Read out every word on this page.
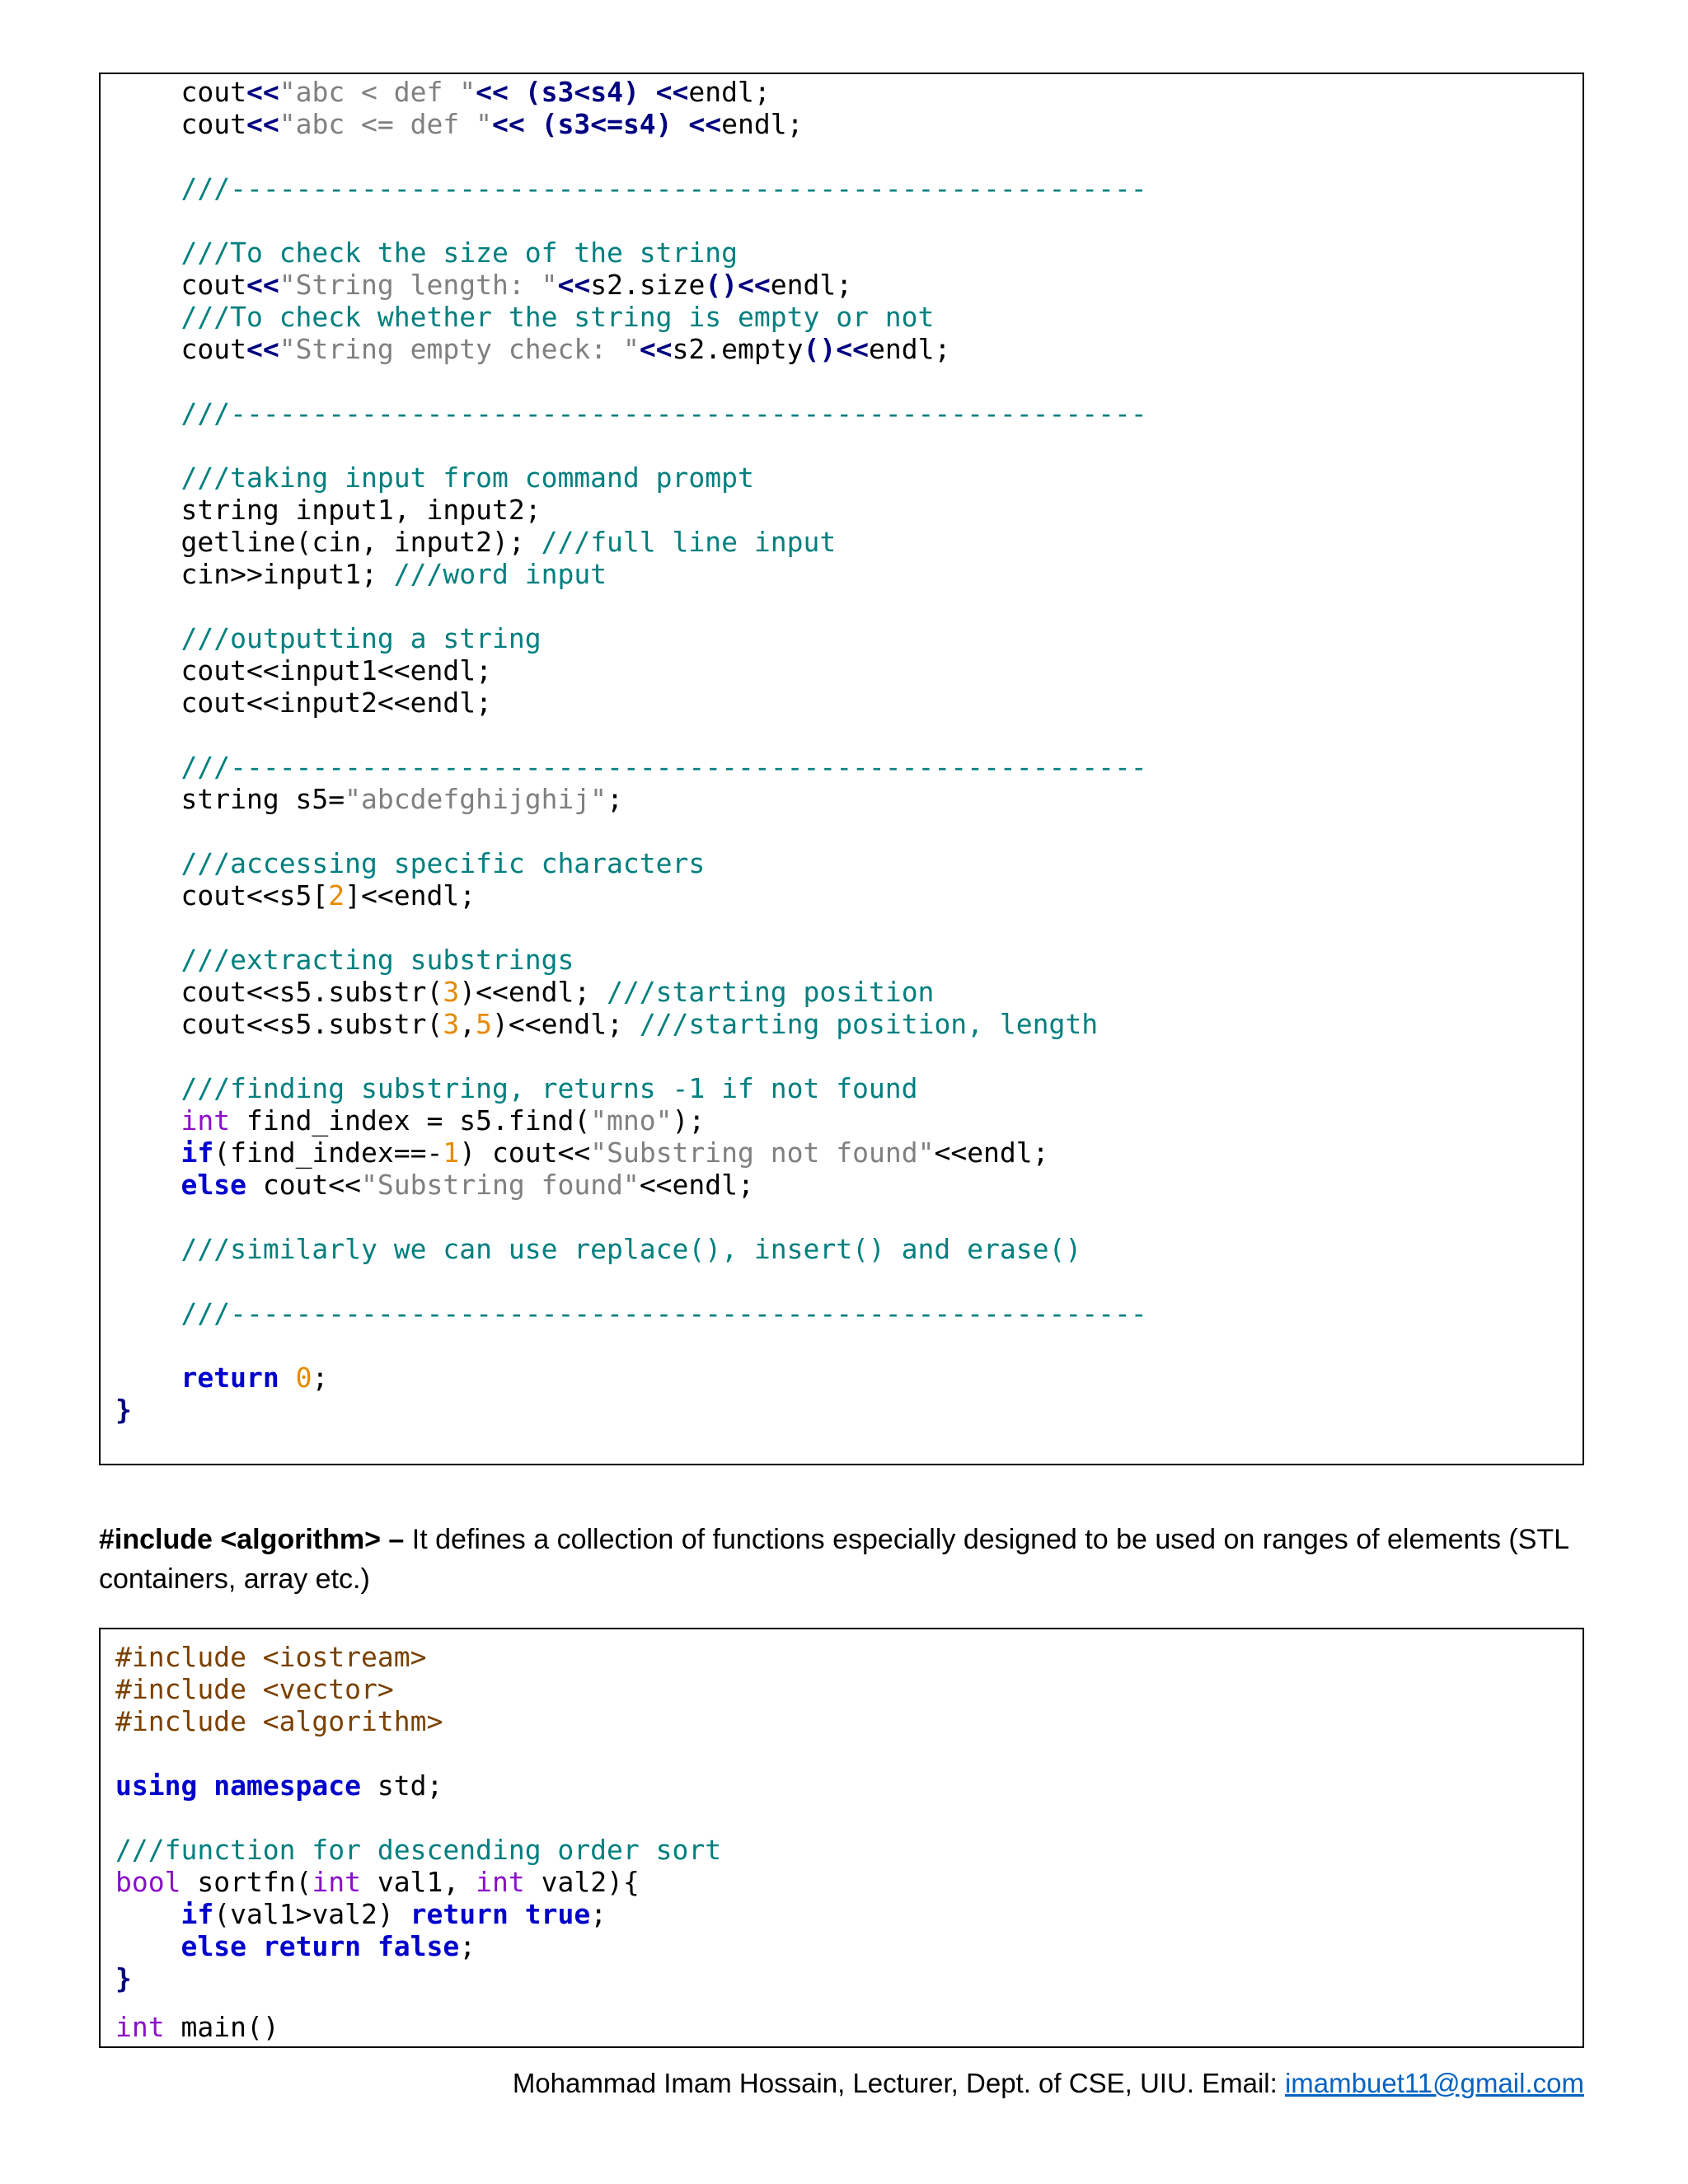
cout<<"abc < def "<< (s3<s4) <<endl;
cout<<"abc <= def "<< (s3<=s4) <<endl;
///--------------------------------------------------------
///To check the size of the string
cout<<"String length: "<<s2.size()<<endl;
///To check whether the string is empty or not
cout<<"String empty check: "<<s2.empty()<<endl;
///--------------------------------------------------------
///taking input from command prompt
string input1, input2;
getline(cin, input2); ///full line input
cin>>input1; ///word input
///outputting a string
cout<<input1<<endl;
cout<<input2<<endl;
///--------------------------------------------------------
string s5="abcdefghijghij";
///accessing specific characters
cout<<s5[2]<<endl;
///extracting substrings
cout<<s5.substr(3)<<endl; ///starting position
cout<<s5.substr(3,5)<<endl; ///starting position, length
///finding substring, returns -1 if not found
int find_index = s5.find("mno");
if(find_index==-1) cout<<"Substring not found"<<endl;
else cout<<"Substring found"<<endl;
///similarly we can use replace(), insert() and erase()
///--------------------------------------------------------
return 0;
}
#include <algorithm> – It defines a collection of functions especially designed to be used on ranges of elements (STL containers, array etc.)
#include <iostream>
#include <vector>
#include <algorithm>
using namespace std;
///function for descending order sort
bool sortfn(int val1, int val2){
if(val1>val2) return true;
else return false;
}
int main()
Mohammad Imam Hossain, Lecturer, Dept. of CSE, UIU. Email: imambuet11@gmail.com
